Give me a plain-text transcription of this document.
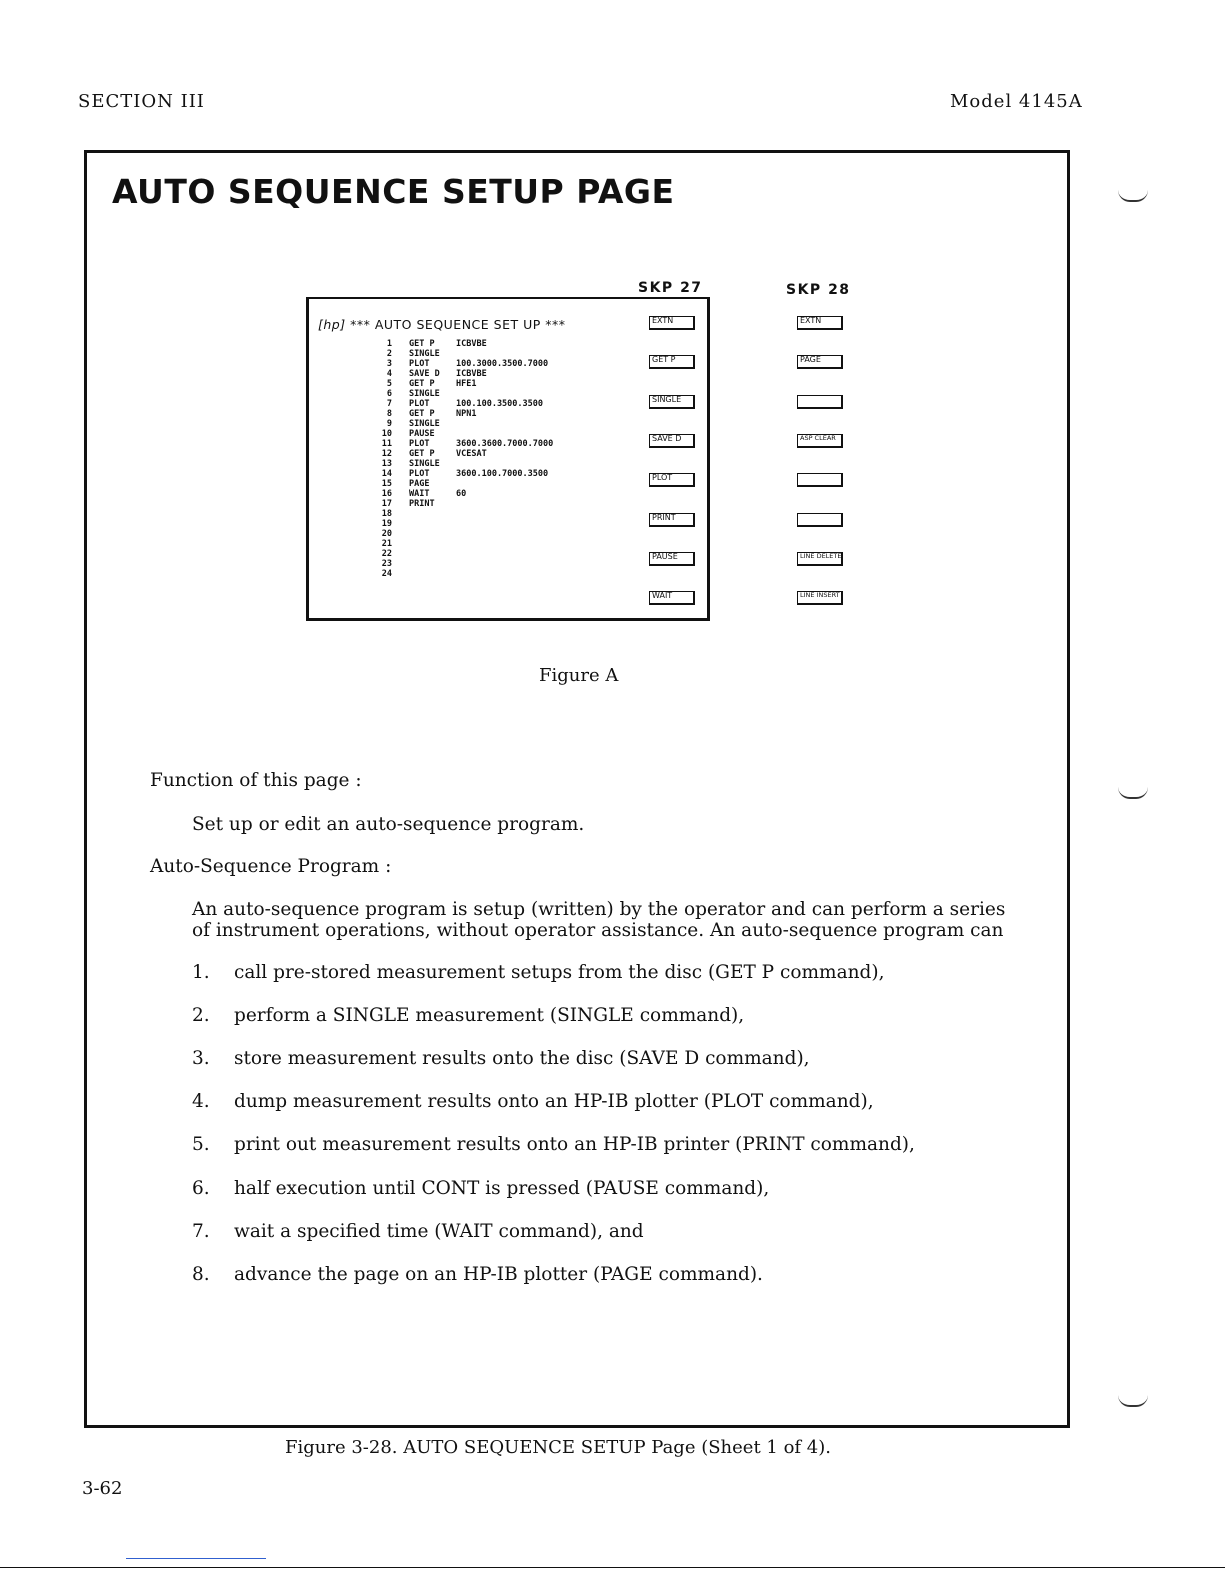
SECTION III	Model 4145A
AUTO SEQUENCE SETUP PAGE
SKP 27	SKP 28
[hp] *** AUTO SEQUENCE SET UP ***
1	GET P	ICBVBE
2	SINGLE
3	PLOT	100.3000.3500.7000
4	SAVE D	ICBVBE
5	GET P	HFE1
6	SINGLE
7	PLOT	100.100.3500.3500
8	GET P	NPN1
9	SINGLE
10	PAUSE
11	PLOT	3600.3600.7000.7000
12	GET P	VCESAT
13	SINGLE
14	PLOT	3600.100.7000.3500
15	PAGE
16	WAIT	60
17	PRINT
18
19
20
21
22
23
24
EXTN
GET P
SINGLE
SAVE D
PLOT
PRINT
PAUSE
WAIT
EXTN
PAGE
ASP CLEAR
LINE DELETE
LINE INSERT
Figure A
Function of this page :
Set up or edit an auto-sequence program.
Auto-Sequence Program :
An auto-sequence program is setup (written) by the operator and can perform a series
of instrument operations, without operator assistance. An auto-sequence program can
1. call pre-stored measurement setups from the disc (GET P command),
2. perform a SINGLE measurement (SINGLE command),
3. store measurement results onto the disc (SAVE D command),
4. dump measurement results onto an HP-IB plotter (PLOT command),
5. print out measurement results onto an HP-IB printer (PRINT command),
6. half execution until CONT is pressed (PAUSE command),
7. wait a specified time (WAIT command), and
8. advance the page on an HP-IB plotter (PAGE command).
Figure 3-28. AUTO SEQUENCE SETUP Page (Sheet 1 of 4).
3-62
